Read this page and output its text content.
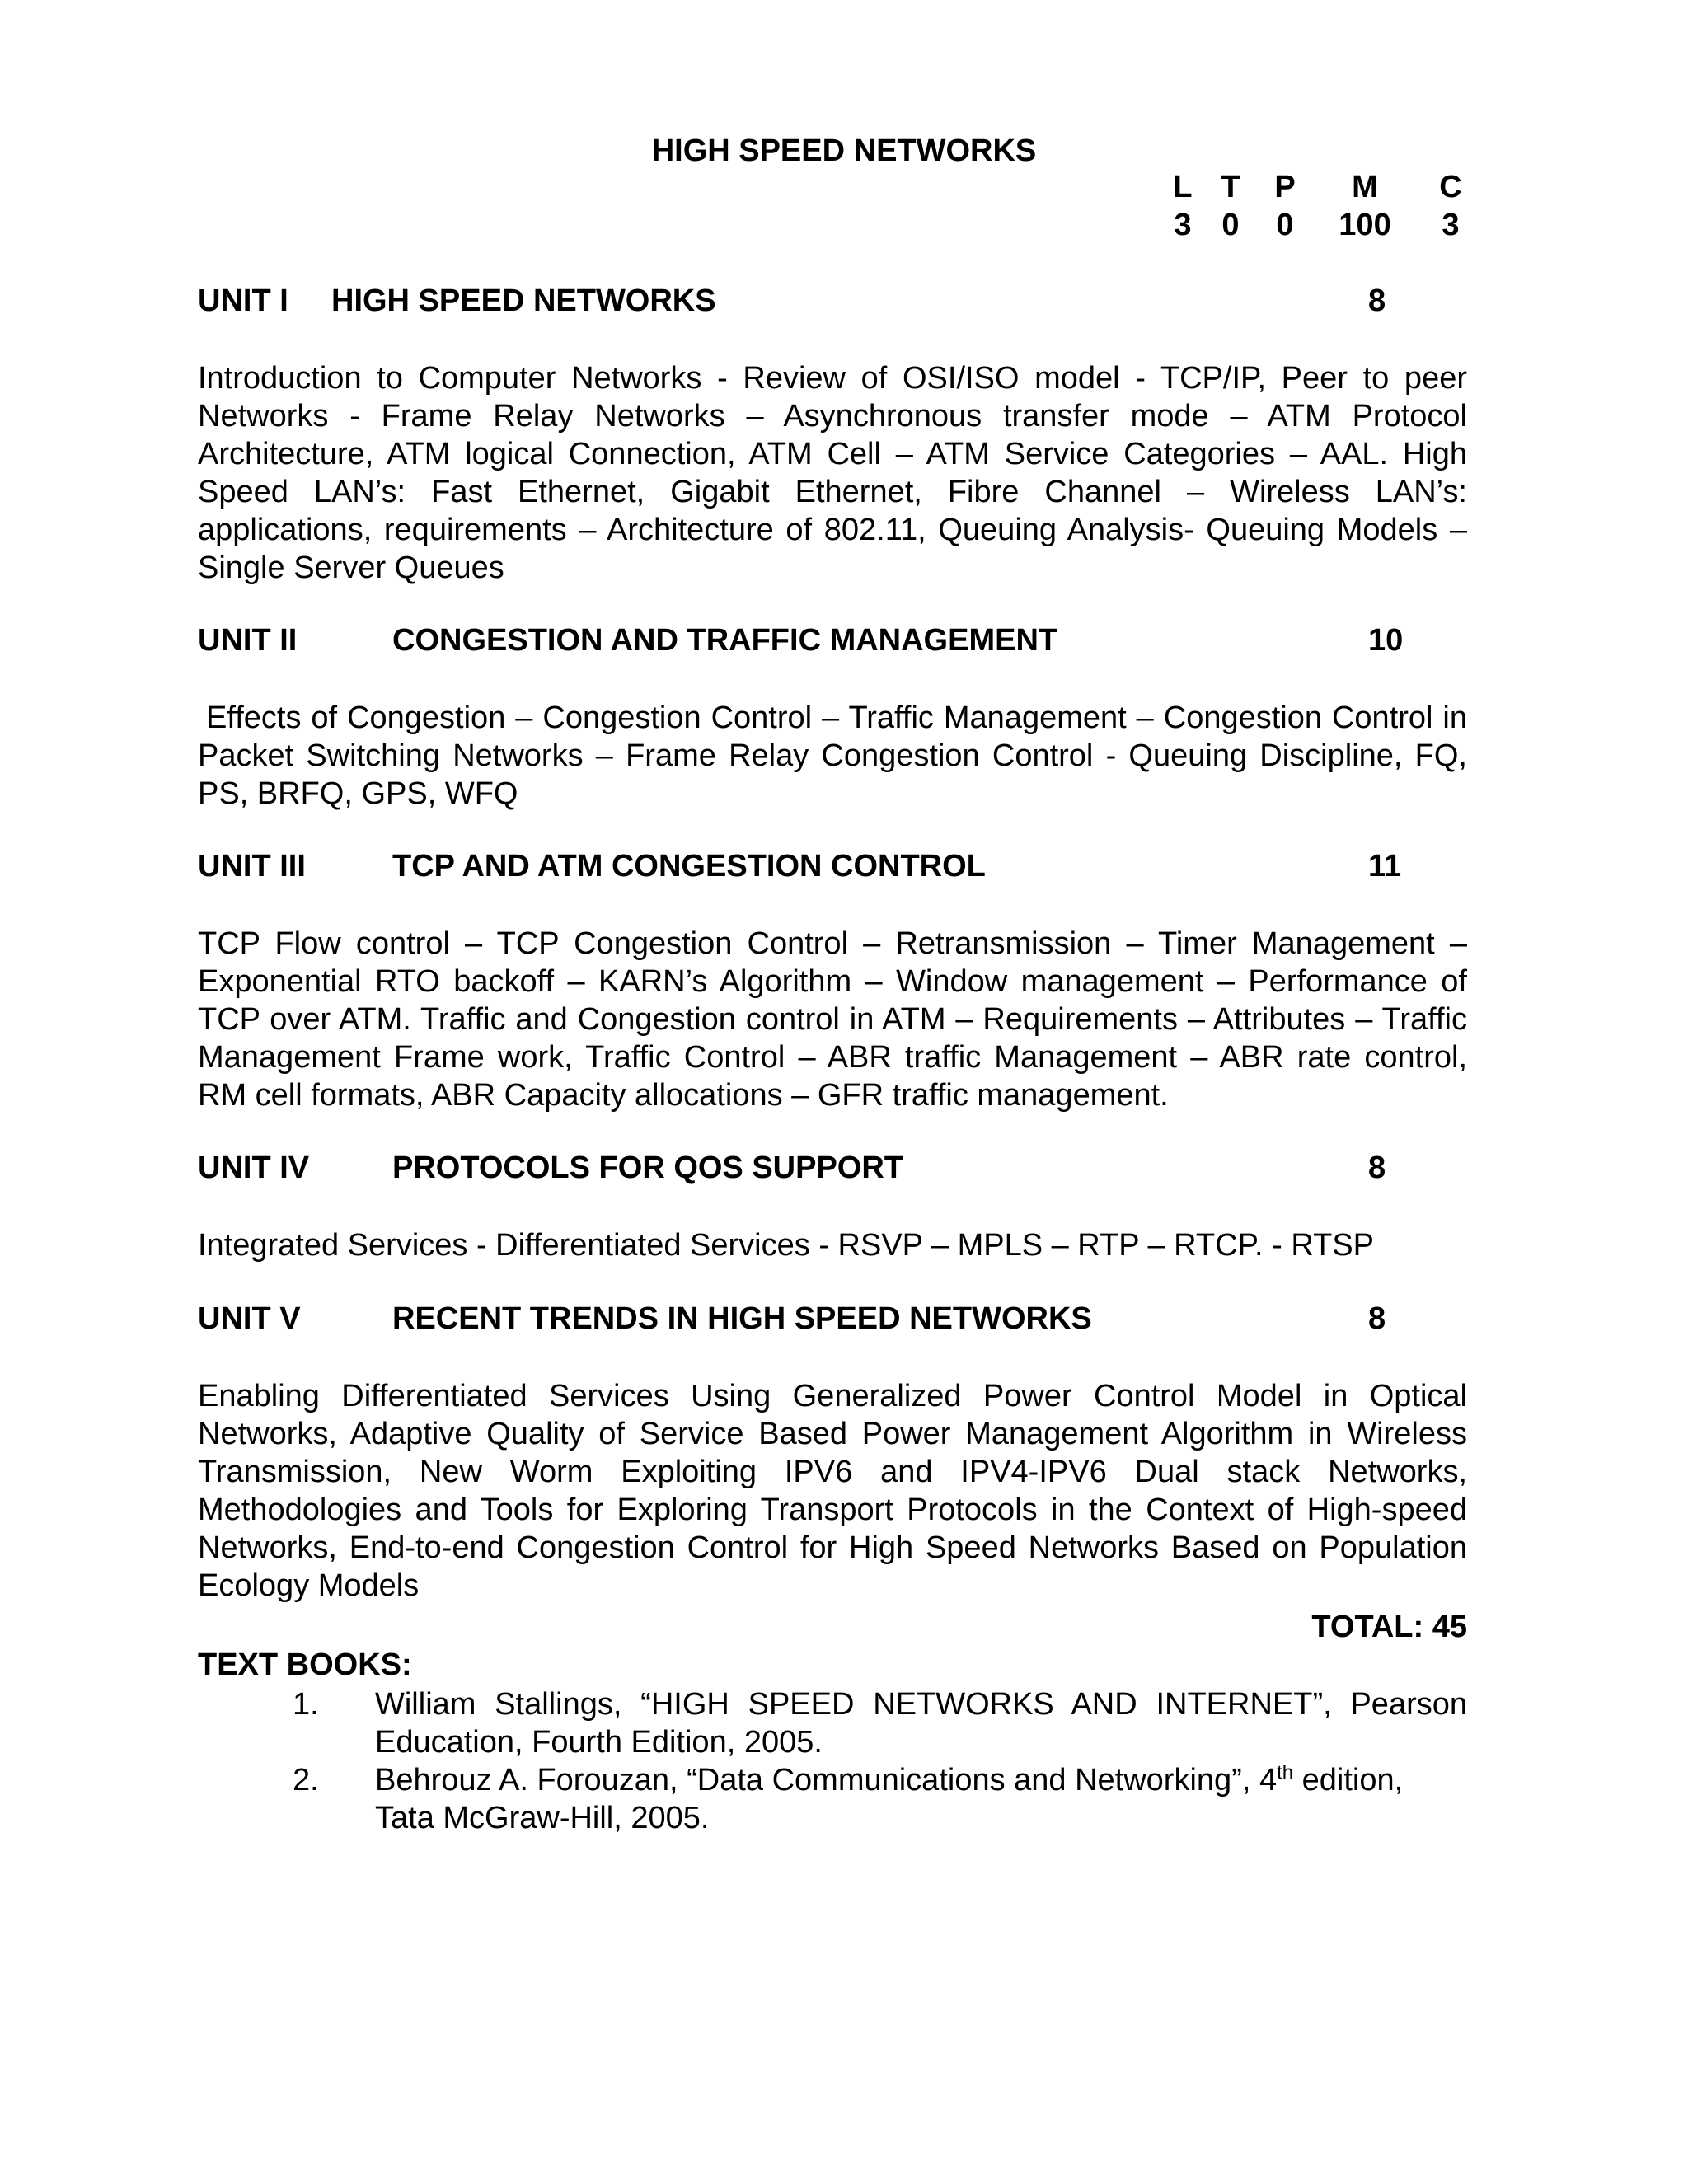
HIGH SPEED NETWORKS
L T	P	M	C
3 0	0	100	3
UNIT I HIGH SPEED NETWORKS	8
Introduction to Computer Networks - Review of OSI/ISO model - TCP/IP, Peer to peer Networks - Frame Relay Networks – Asynchronous transfer mode – ATM Protocol Architecture, ATM logical Connection, ATM Cell – ATM Service Categories – AAL. High Speed LAN’s: Fast Ethernet, Gigabit Ethernet, Fibre Channel – Wireless LAN’s: applications, requirements – Architecture of 802.11, Queuing Analysis- Queuing Models – Single Server Queues
UNIT II	CONGESTION AND TRAFFIC MANAGEMENT	10
Effects of Congestion – Congestion Control – Traffic Management – Congestion Control in Packet Switching Networks – Frame Relay Congestion Control - Queuing Discipline, FQ, PS, BRFQ, GPS, WFQ
UNIT III	TCP AND ATM CONGESTION CONTROL	11
TCP Flow control – TCP Congestion Control – Retransmission – Timer Management – Exponential RTO backoff – KARN’s Algorithm – Window management – Performance of TCP over ATM. Traffic and Congestion control in ATM – Requirements – Attributes – Traffic Management Frame work, Traffic Control – ABR traffic Management – ABR rate control, RM cell formats, ABR Capacity allocations – GFR traffic management.
UNIT IV	PROTOCOLS FOR QOS SUPPORT	8
Integrated Services - Differentiated Services - RSVP – MPLS – RTP – RTCP. - RTSP
UNIT V	RECENT TRENDS IN HIGH SPEED NETWORKS	8
Enabling Differentiated Services Using Generalized Power Control Model in Optical Networks, Adaptive Quality of Service Based Power Management Algorithm in Wireless Transmission, New Worm Exploiting IPV6 and IPV4-IPV6 Dual stack Networks, Methodologies and Tools for Exploring Transport Protocols in the Context of High-speed Networks, End-to-end Congestion Control for High Speed Networks Based on Population Ecology Models
TOTAL: 45
TEXT BOOKS:
1. William Stallings, “HIGH SPEED NETWORKS AND INTERNET”, Pearson Education, Fourth Edition, 2005.
2. Behrouz A. Forouzan, “Data Communications and Networking”, 4th edition, Tata McGraw-Hill, 2005.
